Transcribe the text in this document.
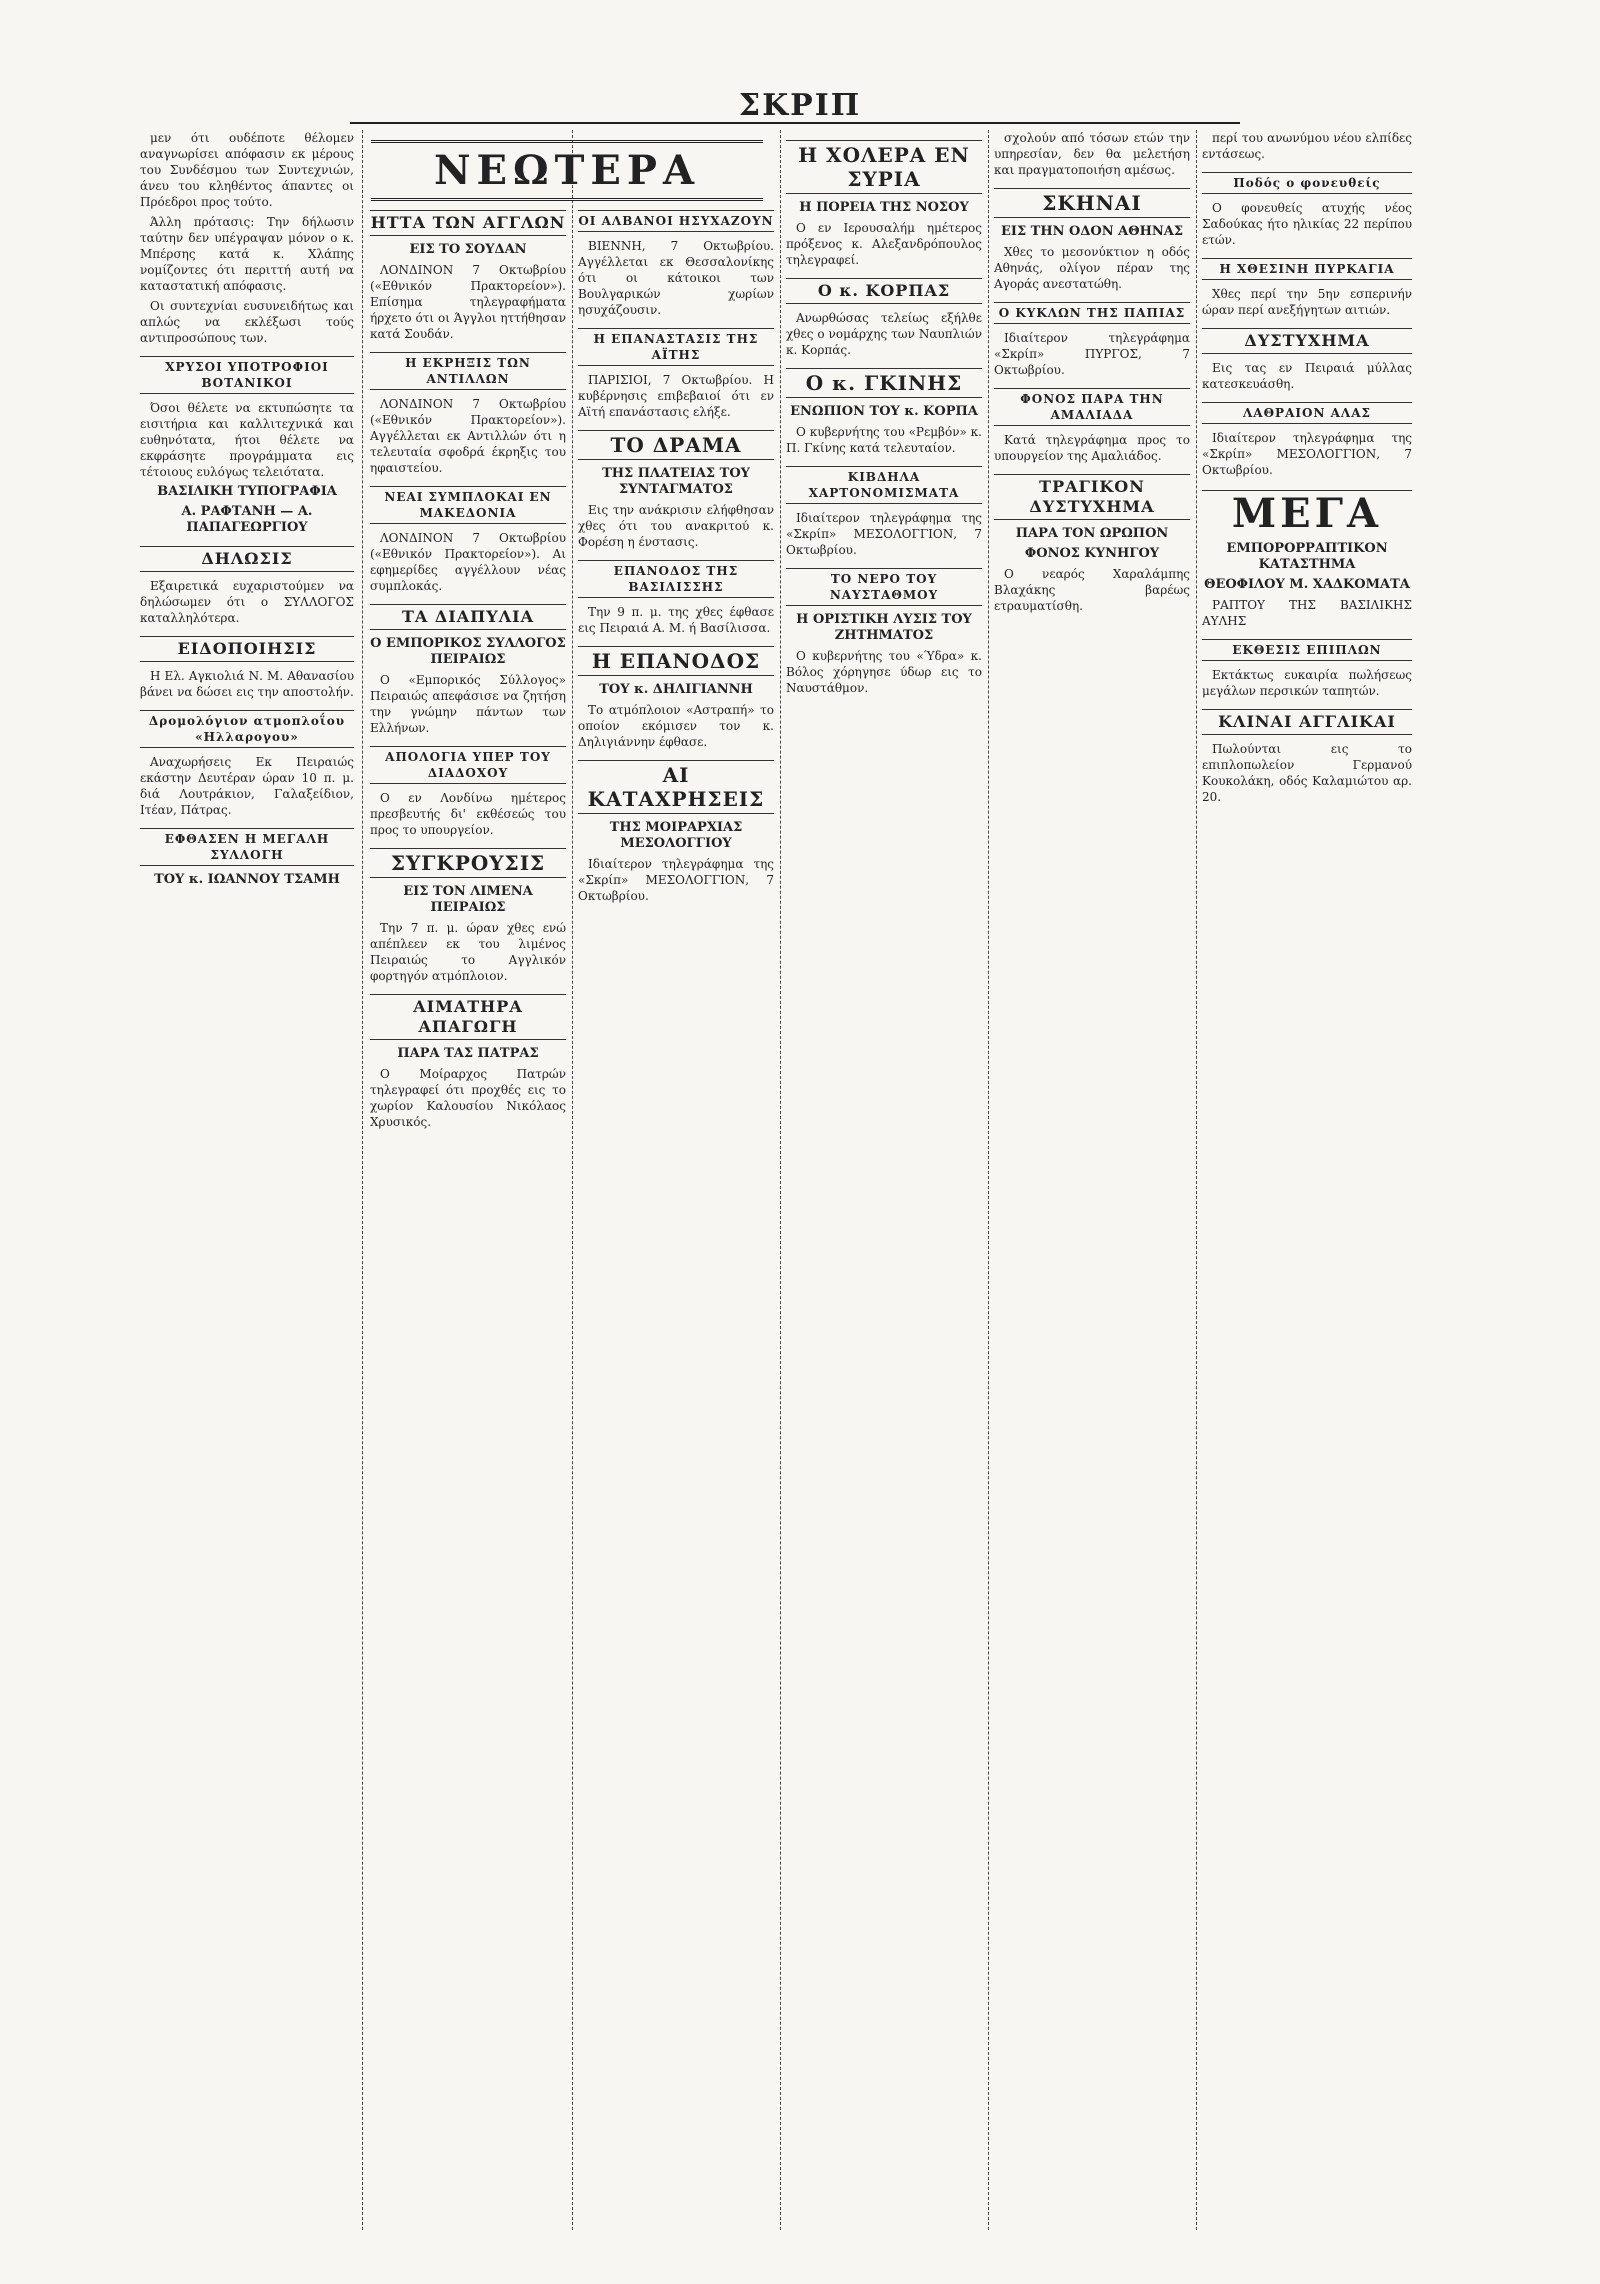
ΣΚΡΙΠ

μεν ότι ουδέποτε θέλομεν αναγνωρίσει απόφασιν εκ μέρους του Συνδέσμου των Συντεχνιών, άνευ του κληθέντος άπαντες οι Πρόεδροι προς τούτο.

Άλλη πρότασις: Την δήλωσιν ταύτην δεν υπέγραψαν μόνον ο κ. Μπέρσης κατά κ. Χλάπης νομίζοντες ότι περιττή αυτή να καταστατική απόφασις.

Οι συντεχνίαι ευσυνειδήτως και απλώς να εκλέξωσι τούς αντιπροσώπους των.

ΧΡΥΣΟΙ ΥΠΟΤΡΟΦΙΟΙ ΒΟΤΑΝΙΚΟΙ

Όσοι θέλετε να εκτυπώσητε τα εισιτήρια και καλλιτεχνικά και ευθηνότατα, ήτοι θέλετε να εκφράσητε προγράμματα εις τέτοιους ευλόγως τελειότατα.

ΒΑΣΙΛΙΚΗ ΤΥΠΟΓΡΑΦΙΑ
Α. ΡΑΦΤΑΝΗ — Α. ΠΑΠΑΓΕΩΡΓΙΟΥ
ΔΗΛΩΣΙΣ

Εξαιρετικά ευχαριστούμεν να δηλώσωμεν ότι ο ΣΥΛΛΟΓΟΣ καταλληλότερα.

ΕΙΔΟΠΟΙΗΣΙΣ

Η Ελ. Αγκιολιά Ν. Μ. Αθανασίου βάνει να δώσει εις την αποστολήν.

Δρομολόγιον ατμοπλοΐου «Ηλλαρογου»

Αναχωρήσεις Εκ Πειραιώς εκάστην Δευτέραν ώραν 10 π. μ. διά Λουτράκιον, Γαλαξείδιον, Ιτέαν, Πάτρας.

ΕΦΘΑΣΕΝ Η ΜΕΓΑΛΗ ΣΥΛΛΟΓΗ
ΤΟΥ κ. ΙΩΑΝΝΟΥ ΤΣΑΜΗ
ΝΕΩΤΕΡΑ
ΗΤΤΑ ΤΩΝ ΑΓΓΛΩΝ
ΕΙΣ ΤΟ ΣΟΥΔΑΝ

ΛΟΝΔΙΝΟΝ 7 Οκτωβρίου («Εθνικόν Πρακτορείον»). Επίσημα τηλεγραφήματα ήρχετο ότι οι Άγγλοι ηττήθησαν κατά Σουδάν.

Η ΕΚΡΗΞΙΣ ΤΩΝ ΑΝΤΙΛΛΩΝ

ΛΟΝΔΙΝΟΝ 7 Οκτωβρίου («Εθνικόν Πρακτορείον»). Αγγέλλεται εκ Αντιλλών ότι η τελευταία σφοδρά έκρηξις του ηφαιστείου.

ΝΕΑΙ ΣΥΜΠΛΟΚΑΙ ΕΝ ΜΑΚΕΔΟΝΙΑ

ΛΟΝΔΙΝΟΝ 7 Οκτωβρίου («Εθνικόν Πρακτορείον»). Αι εφημερίδες αγγέλλουν νέας συμπλοκάς.

ΤΑ ΔΙΑΠΥΛΙΑ
Ο ΕΜΠΟΡΙΚΟΣ ΣΥΛΛΟΓΟΣ ΠΕΙΡΑΙΩΣ

Ο «Εμπορικός Σύλλογος» Πειραιώς απεφάσισε να ζητήση την γνώμην πάντων των Ελλήνων.

ΑΠΟΛΟΓΙΑ ΥΠΕΡ ΤΟΥ ΔΙΑΔΟΧΟΥ

Ο εν Λονδίνω ημέτερος πρεσβευτής δι' εκθέσεώς του προς το υπουργείον.

ΣΥΓΚΡΟΥΣΙΣ
ΕΙΣ ΤΟΝ ΛΙΜΕΝΑ ΠΕΙΡΑΙΩΣ

Την 7 π. μ. ώραν χθες ενώ απέπλεεν εκ του λιμένος Πειραιώς το Αγγλικόν φορτηγόν ατμόπλοιον.

ΑΙΜΑΤΗΡΑ ΑΠΑΓΩΓΗ
ΠΑΡΑ ΤΑΣ ΠΑΤΡΑΣ

Ο Μοίραρχος Πατρών τηλεγραφεί ότι προχθές εις το χωρίον Καλουσίου Νικόλαος Χρυσικός.

ΟΙ ΑΛΒΑΝΟΙ ΗΣΥΧΑΖΟΥΝ

ΒΙΕΝΝΗ, 7 Οκτωβρίου. Αγγέλλεται εκ Θεσσαλονίκης ότι οι κάτοικοι των Βουλγαρικών χωρίων ησυχάζουσιν.

Η ΕΠΑΝΑΣΤΑΣΙΣ ΤΗΣ ΑΪΤΗΣ

ΠΑΡΙΣΙΟΙ, 7 Οκτωβρίου. Η κυβέρνησις επιβεβαιοί ότι εν Αϊτή επανάστασις ελήξε.

ΤΟ ΔΡΑΜΑ
ΤΗΣ ΠΛΑΤΕΙΑΣ ΤΟΥ ΣΥΝΤΑΓΜΑΤΟΣ

Εις την ανάκρισιν ελήφθησαν χθες ότι του ανακριτού κ. Φορέση η ένστασις.

ΕΠΑΝΟΔΟΣ ΤΗΣ ΒΑΣΙΛΙΣΣΗΣ

Την 9 π. μ. της χθες έφθασε εις Πειραιά Α. Μ. ή Βασίλισσα.

Η ΕΠΑΝΟΔΟΣ
ΤΟΥ κ. ΔΗΛΙΓΙΑΝΝΗ

Το ατμόπλοιον «Αστραπή» το οποίον εκόμισεν τον κ. Δηλιγιάννην έφθασε.

ΑΙ ΚΑΤΑΧΡΗΣΕΙΣ
ΤΗΣ ΜΟΙΡΑΡΧΙΑΣ ΜΕΣΟΛΟΓΓΙΟΥ

Ιδιαίτερον τηλεγράφημα της «Σκρίπ» ΜΕΣΟΛΟΓΓΙΟΝ, 7 Οκτωβρίου.

Η ΧΟΛΕΡΑ ΕΝ ΣΥΡΙΑ
Η ΠΟΡΕΙΑ ΤΗΣ ΝΟΣΟΥ

Ο εν Ιερουσαλήμ ημέτερος πρόξενος κ. Αλεξανδρόπουλος τηλεγραφεί.

Ο κ. ΚΟΡΠΑΣ

Ανωρθώσας τελείως εξήλθε χθες ο νομάρχης των Ναυπλιών κ. Κορπάς.

Ο κ. ΓΚΙΝΗΣ
ΕΝΩΠΙΟΝ ΤΟΥ κ. ΚΟΡΠΑ

Ο κυβερνήτης του «Ρεμβόν» κ. Π. Γκίνης κατά τελευταίον.

ΚΙΒΔΗΛΑ ΧΑΡΤΟΝΟΜΙΣΜΑΤΑ

Ιδιαίτερον τηλεγράφημα της «Σκρίπ» ΜΕΣΟΛΟΓΓΙΟΝ, 7 Οκτωβρίου.

ΤΟ ΝΕΡΟ ΤΟΥ ΝΑΥΣΤΑΘΜΟΥ
Η ΟΡΙΣΤΙΚΗ ΛΥΣΙΣ ΤΟΥ ΖΗΤΗΜΑΤΟΣ

Ο κυβερνήτης του «Ύδρα» κ. Βόλος χόρηγησε ύδωρ εις το Ναυστάθμον.

σχολούν από τόσων ετών την υπηρεσίαν, δεν θα μελετήση και πραγματοποιήση αμέσως.

ΣΚΗΝΑΙ
ΕΙΣ ΤΗΝ ΟΔΟΝ ΑΘΗΝΑΣ

Χθες το μεσονύκτιον η οδός Αθηνάς, ολίγον πέραν της Αγοράς ανεστατώθη.

Ο ΚΥΚΛΩΝ ΤΗΣ ΠΑΠΙΑΣ

Ιδιαίτερον τηλεγράφημα «Σκρίπ» ΠΥΡΓΟΣ, 7 Οκτωβρίου.

ΦΟΝΟΣ ΠΑΡΑ ΤΗΝ ΑΜΑΛΙΑΔΑ

Κατά τηλεγράφημα προς το υπουργείον της Αμαλιάδος.

ΤΡΑΓΙΚΟΝ ΔΥΣΤΥΧΗΜΑ
ΠΑΡΑ ΤΟΝ ΩΡΩΠΟΝ
ΦΟΝΟΣ ΚΥΝΗΓΟΥ

Ο νεαρός Χαραλάμπης Βλαχάκης βαρέως ετραυματίσθη.

περί του ανωνύμου νέου ελπίδες εντάσεως.

Ποδός ο φονευθείς

Ο φονευθείς ατυχής νέος Σαδούκας ήτο ηλικίας 22 περίπου ετών.

Η ΧΘΕΣΙΝΗ ΠΥΡΚΑΓΙΑ

Χθες περί την 5ην εσπερινήν ώραν περί ανεξήγητων αιτιών.

ΔΥΣΤΥΧΗΜΑ

Εις τας εν Πειραιά μύλλας κατεσκευάσθη.

ΛΑΘΡΑΙΟΝ ΑΛΑΣ

Ιδιαίτερον τηλεγράφημα της «Σκρίπ» ΜΕΣΟΛΟΓΓΙΟΝ, 7 Οκτωβρίου.

ΜΕΓΑ
ΕΜΠΟΡΟΡΡΑΠΤΙΚΟΝ ΚΑΤΑΣΤΗΜΑ
ΘΕΟΦΙΛΟΥ Μ. ΧΑΔΚΟΜΑΤΑ

ΡΑΠΤΟΥ ΤΗΣ ΒΑΣΙΛΙΚΗΣ ΑΥΛΗΣ

ΕΚΘΕΣΙΣ ΕΠΙΠΛΩΝ

Εκτάκτως ευκαιρία πωλήσεως μεγάλων περσικών ταπητών.

ΚΛΙΝΑΙ ΑΓΓΛΙΚΑΙ

Πωλούνται εις το επιπλοπωλείον Γερμανού Κουκολάκη, οδός Καλαμιώτου αρ. 20.
